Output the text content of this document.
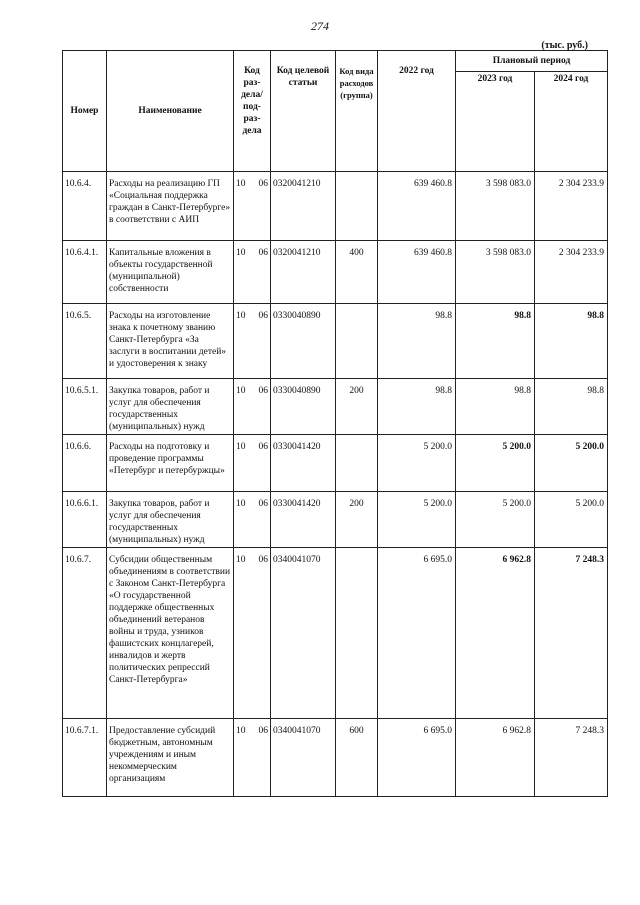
274
(тыс. руб.)
Номер	Наименование	Код раз-дела/ под-раз-дела	Код целевой статьи	Код вида расходов (группа)	2022 год	Плановый период	
						2023 год	2024 год
10.6.4.	Расходы на реализацию ГП «Социальная поддержка граждан в Санкт-Петербурге» в соответствии с АИП	10 06	0320041210		639 460.8	3 598 083.0	2 304 233.9
10.6.4.1.	Капитальные вложения в объекты государственной (муниципальной) собственности	10 06	0320041210	400	639 460.8	3 598 083.0	2 304 233.9
10.6.5.	Расходы на изготовление знака к почетному званию Санкт-Петербурга «За заслуги в воспитании детей» и удостоверения к знаку	10 06	0330040890		98.8	98.8	98.8
10.6.5.1.	Закупка товаров, работ и услуг для обеспечения государственных (муниципальных) нужд	10 06	0330040890	200	98.8	98.8	98.8
10.6.6.	Расходы на подготовку и проведение программы «Петербург и петербуржцы»	10 06	0330041420		5 200.0	5 200.0	5 200.0
10.6.6.1.	Закупка товаров, работ и услуг для обеспечения государственных (муниципальных) нужд	10 06	0330041420	200	5 200.0	5 200.0	5 200.0
10.6.7.	Субсидии общественным объединениям в соответствии с Законом Санкт-Петербурга «О государственной поддержке общественных объединений ветеранов войны и труда, узников фашистских концлагерей, инвалидов и жертв политических репрессий Санкт-Петербурга»	10 06	0340041070		6 695.0	6 962.8	7 248.3
10.6.7.1.	Предоставление субсидий бюджетным, автономным учреждениям и иным некоммерческим организациям	10 06	0340041070	600	6 695.0	6 962.8	7 248.3
